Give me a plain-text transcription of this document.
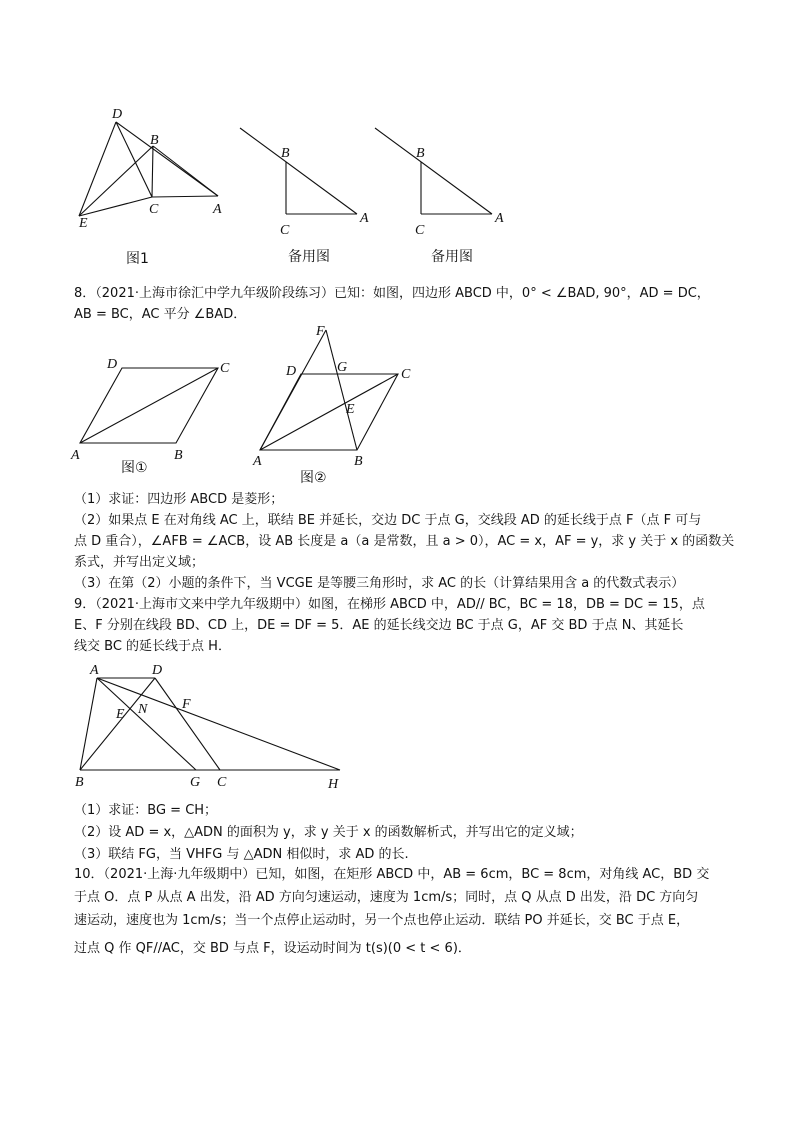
D
B
C	A
E
图1
B
C
A
备用图
B
C
A
备用图
8．（2021·上海市徐汇中学九年级阶段练习）已知：如图，四边形 ABCD 中，0° < ∠BAD, 90°，AD = DC，
AB = BC，AC 平分 ∠BAD．
D	C
A	B
图①
F
D	G	C
E
A	B
图②
（1）求证：四边形 ABCD 是菱形；
（2）如果点 E 在对角线 AC 上，联结 BE 并延长，交边 DC 于点 G，交线段 AD 的延长线于点 F（点 F 可与
点 D 重合），∠AFB = ∠ACB，设 AB 长度是 a（a 是常数，且 a > 0），AC = x，AF = y，求 y 关于 x 的函数关
系式，并写出定义域；
（3）在第（2）小题的条件下，当 VCGE 是等腰三角形时，求 AC 的长（计算结果用含 a 的代数式表示）
9．（2021·上海市文来中学九年级期中）如图，在梯形 ABCD 中，AD// BC，BC = 18，DB = DC = 15，点
E、F 分别在线段 BD、CD 上，DE = DF = 5．AE 的延长线交边 BC 于点 G，AF 交 BD 于点 N、其延长
线交 BC 的延长线于点 H．
A	D
F
E N
B	G C	H
（1）求证：BG = CH；
（2）设 AD = x，△ADN 的面积为 y，求 y 关于 x 的函数解析式，并写出它的定义域；
（3）联结 FG，当 VHFG 与 △ADN 相似时，求 AD 的长.
10．（2021·上海·九年级期中）已知，如图，在矩形 ABCD 中，AB = 6cm，BC = 8cm，对角线 AC，BD 交
于点 O．点 P 从点 A 出发，沿 AD 方向匀速运动，速度为 1cm/s；同时，点 Q 从点 D 出发，沿 DC 方向匀
速运动，速度也为 1cm/s；当一个点停止运动时，另一个点也停止运动．联结 PO 并延长，交 BC 于点 E，
过点 Q 作 QF//AC，交 BD 与点 F，设运动时间为 t(s)(0 < t < 6)．
